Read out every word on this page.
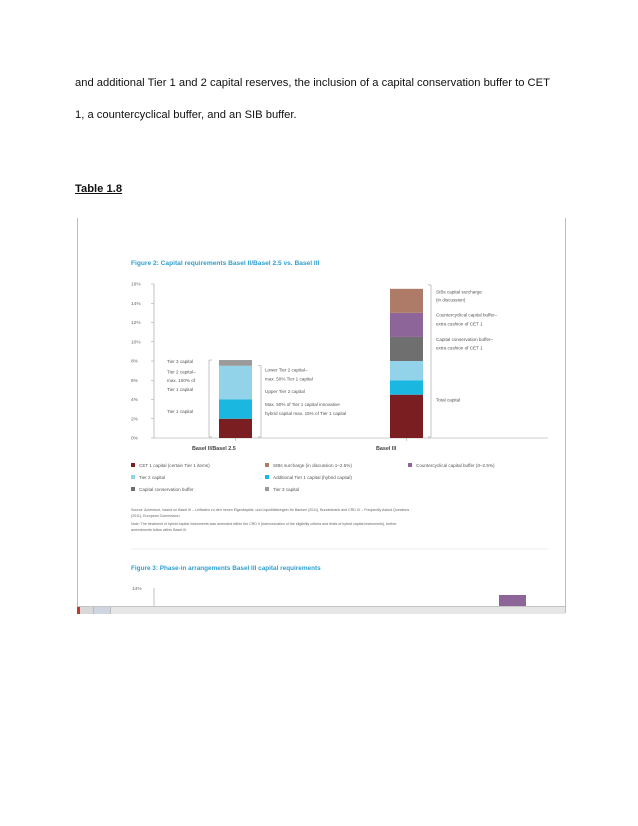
and additional Tier 1 and 2 capital reserves, the inclusion of a capital conservation buffer to CET

1, a countercyclical buffer, and an SIB buffer.

Table 1.8

Figure 2: Capital requirements Basel II/Basel 2.5 vs. Basel III
0%
2%
4%
6%
8%
10%
12%
14%
16%
Basel II/Basel 2.5	Basel III
Tier 3 capital
Tier 2 capital–
max. 100% of
Tier 1 capital
Tier 1 capital
Lower Tier 2 capital–
max. 50% Tier 1 capital
Upper Tier 2 capital
Max. 50% of Tier 1 capital innovative
hybrid capital max. 15% of Tier 1 capital
SIBs capital surcharge
(in discussion)
Countercyclical capital buffer–
extra cushion of CET 1
Capital conservation buffer–
extra cushion of CET 1
Total capital
CET 1 capital (certain Tier 1 items)	SIBs surcharge (in discussion 1–2.5%)	Countercyclical capital buffer (0–2.5%)
Tier 2 capital	Additional Tier 1 capital (hybrid capital)
Capital conservation buffer	Tier 3 capital
Source: Accenture, based on Basel III – Leitfaden zu den neuen Eigenkapital- und Liquiditätsregeln für Banken (2011), Bundesbank and CRD IV – Frequently Asked Questions
(2011), European Commission.
Note: The treatment of hybrid capital instruments was amended within the CRD II (harmonization of the eligibility criteria and limits of hybrid capital instruments), further
amendments follow within Basel III.
Figure 3: Phase-in arrangements Basel III capital requirements
14%
